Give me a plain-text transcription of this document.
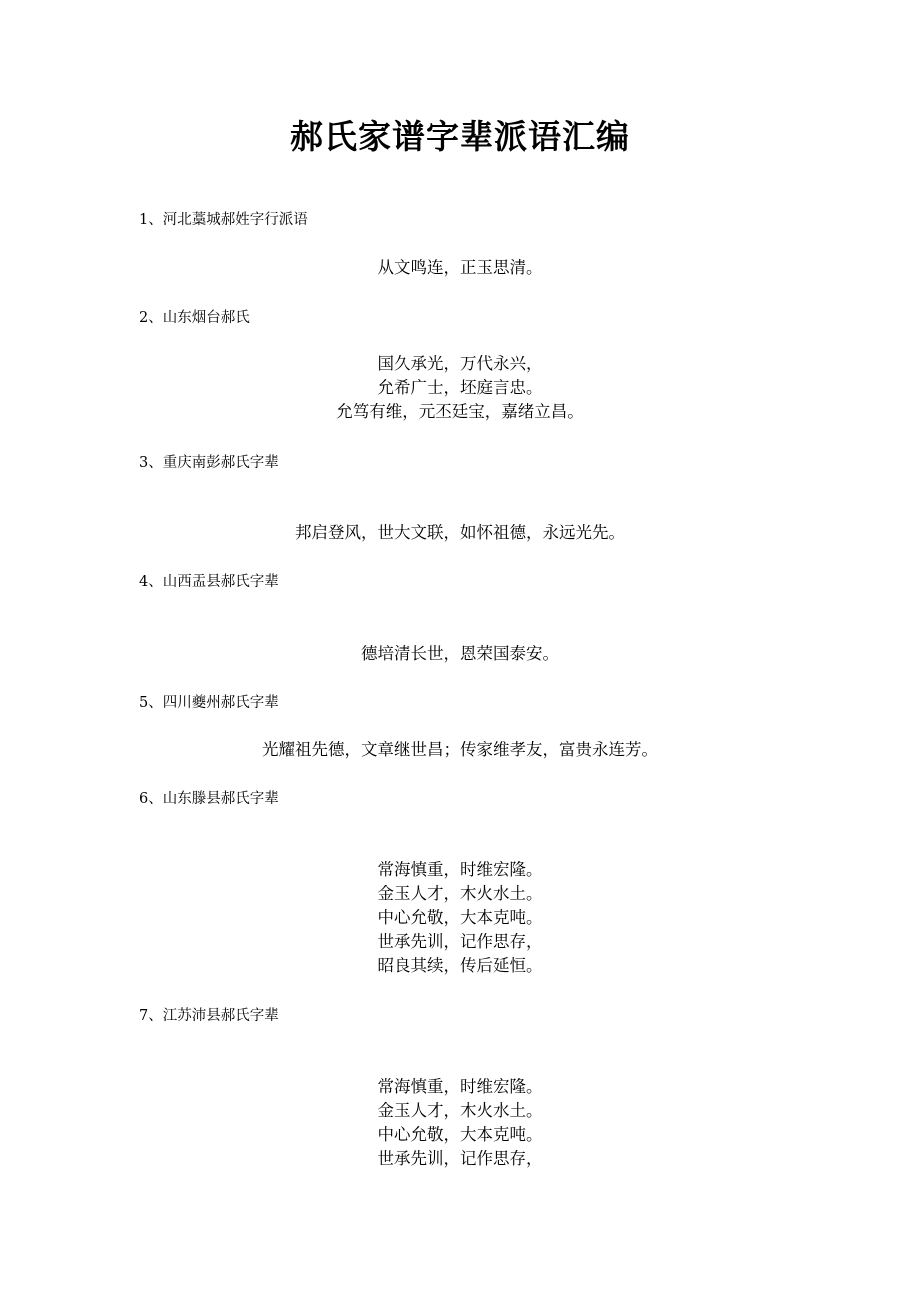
郝氏家谱字辈派语汇编
1、河北藁城郝姓字行派语
从文鸣连，正玉思清。
2、山东烟台郝氏
国久承光，万代永兴，
允希广士，坯庭言忠。
允笃有维，元丕廷宝，嘉绪立昌。
3、重庆南彭郝氏字辈
邦启登风，世大文联，如怀祖德，永远光先。
4、山西盂县郝氏字辈
德培清长世，恩荣国泰安。
5、四川夔州郝氏字辈
光耀祖先德，文章继世昌；传家维孝友，富贵永连芳。
6、山东滕县郝氏字辈
常海慎重，时维宏隆。
金玉人才，木火水土。
中心允敬，大本克吨。
世承先训，记作思存，
昭良其续，传后延恒。
7、江苏沛县郝氏字辈
常海慎重，时维宏隆。
金玉人才，木火水土。
中心允敬，大本克吨。
世承先训，记作思存，
